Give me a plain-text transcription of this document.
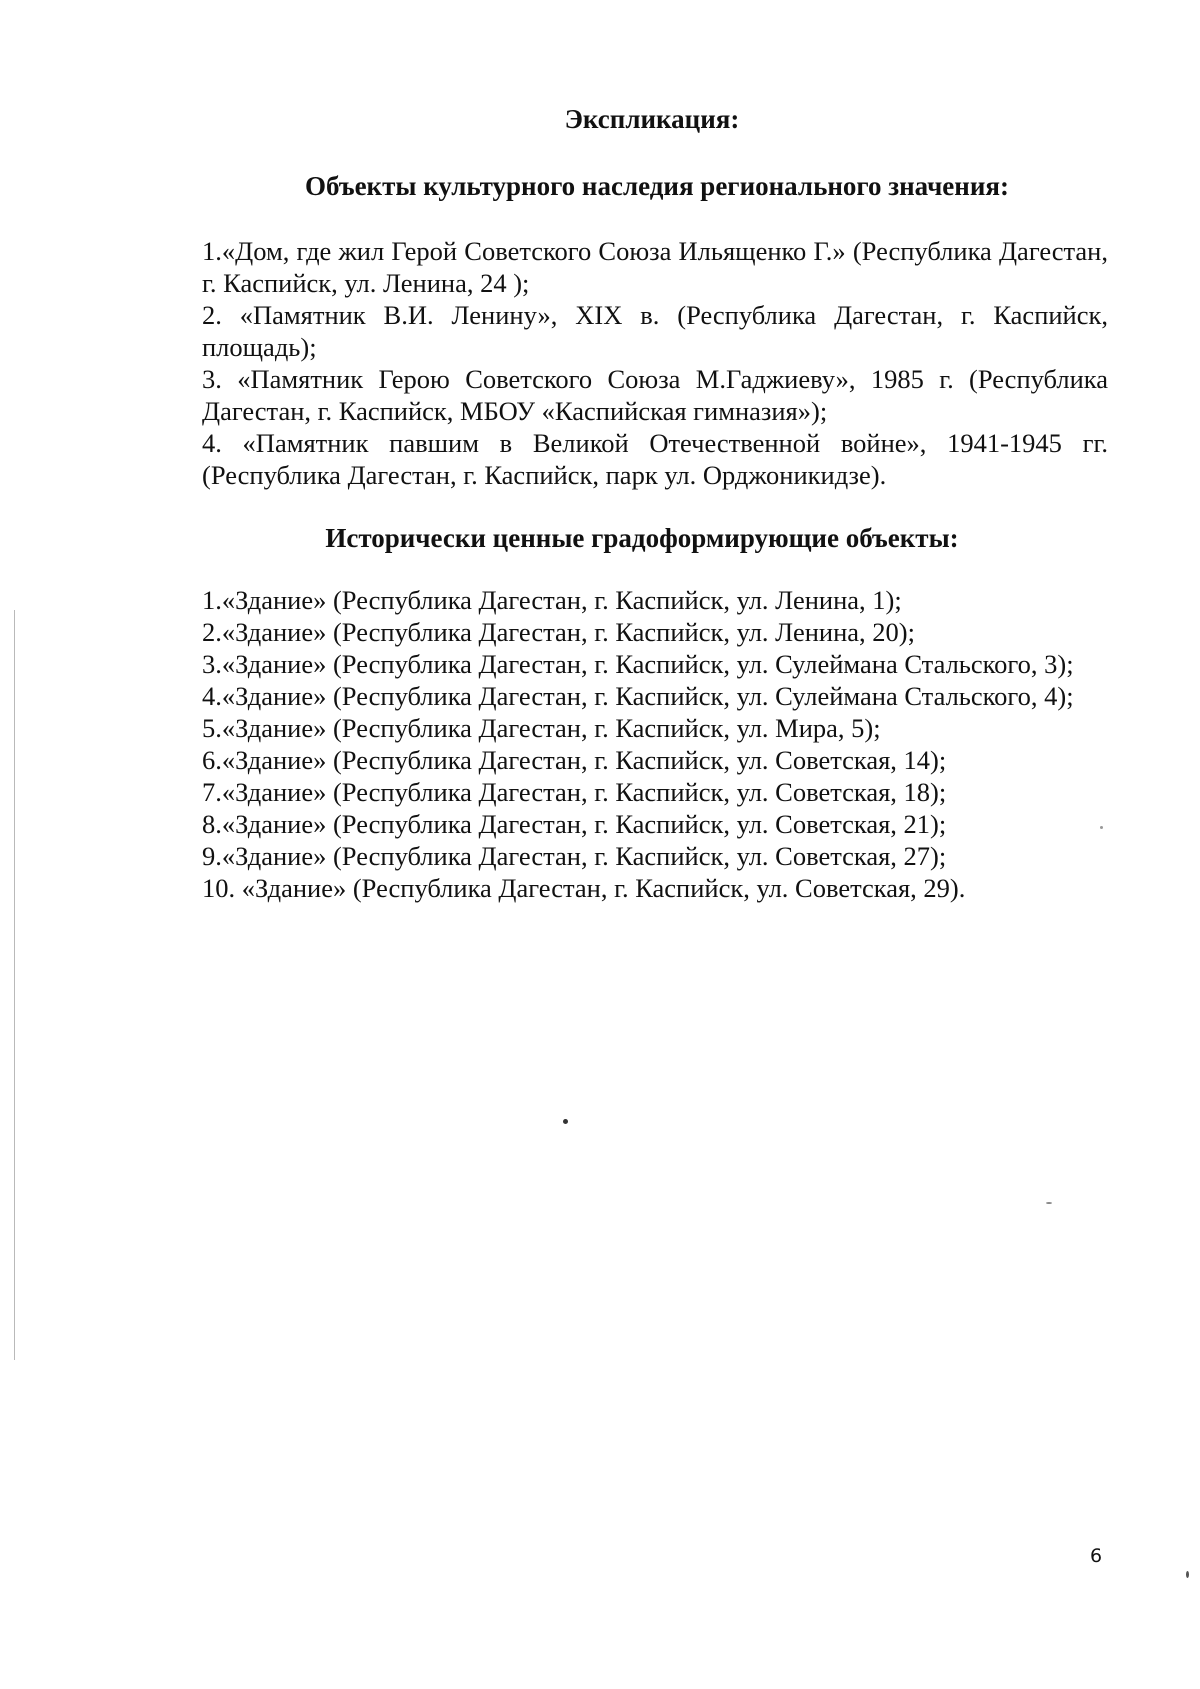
Экспликация:
Объекты культурного наследия регионального значения:
1.«Дом, где жил Герой Советского Союза Ильященко Г.» (Республика Дагестан, г. Каспийск, ул. Ленина, 24 );
2. «Памятник В.И. Ленину», XIX в. (Республика Дагестан, г. Каспийск, площадь);
3. «Памятник Герою Советского Союза М.Гаджиеву», 1985 г. (Республика Дагестан, г. Каспийск, МБОУ «Каспийская гимназия»);
4. «Памятник павшим в Великой Отечественной войне», 1941-1945 гг. (Республика Дагестан, г. Каспийск, парк ул. Орджоникидзе).
Исторически ценные градоформирующие объекты:
1.«Здание» (Республика Дагестан, г. Каспийск, ул. Ленина, 1);
2.«Здание» (Республика Дагестан, г. Каспийск, ул. Ленина, 20);
3.«Здание» (Республика Дагестан, г. Каспийск, ул. Сулеймана Стальского, 3);
4.«Здание» (Республика Дагестан, г. Каспийск, ул. Сулеймана Стальского, 4);
5.«Здание» (Республика Дагестан, г. Каспийск, ул. Мира, 5);
6.«Здание» (Республика Дагестан, г. Каспийск, ул. Советская, 14);
7.«Здание» (Республика Дагестан, г. Каспийск, ул. Советская, 18);
8.«Здание» (Республика Дагестан, г. Каспийск, ул. Советская, 21);
9.«Здание» (Республика Дагестан, г. Каспийск, ул. Советская, 27);
10. «Здание» (Республика Дагестан, г. Каспийск, ул. Советская, 29).
6
